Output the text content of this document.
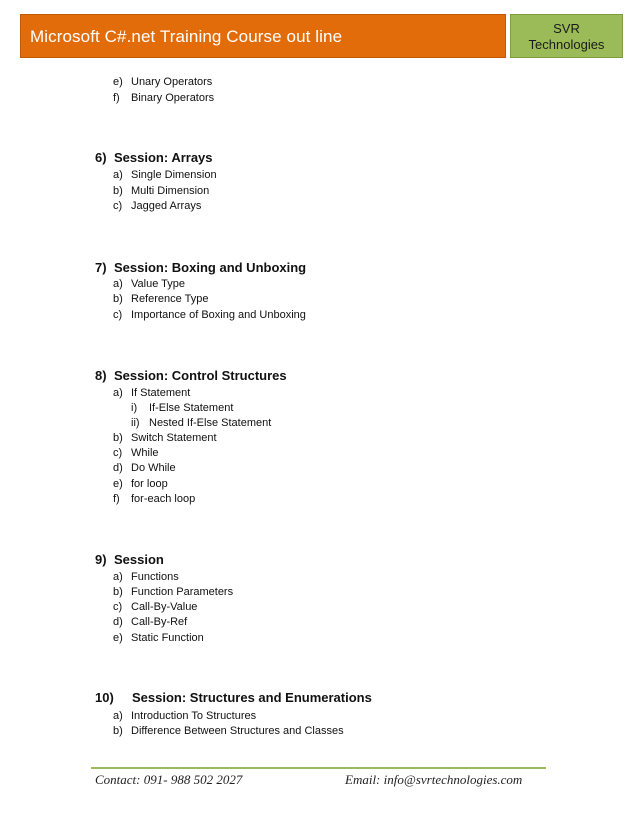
Microsoft C#.net Training Course out line	SVR
Technologies
e) Unary Operators
f) Binary Operators
6) Session: Arrays
a) Single Dimension
b) Multi Dimension
c) Jagged Arrays
7) Session: Boxing and Unboxing
a) Value Type
b) Reference Type
c) Importance of Boxing and Unboxing
8) Session: Control Structures
a) If Statement
i) If-Else Statement
ii) Nested If-Else Statement
b) Switch Statement
c) While
d) Do While
e) for loop
f) for-each loop
9) Session
a) Functions
b) Function Parameters
c) Call-By-Value
d) Call-By-Ref
e) Static Function
10) Session: Structures and Enumerations
a) Introduction To Structures
b) Difference Between Structures and Classes
Contact: 091- 988 502 2027	Email: info@svrtechnologies.com
